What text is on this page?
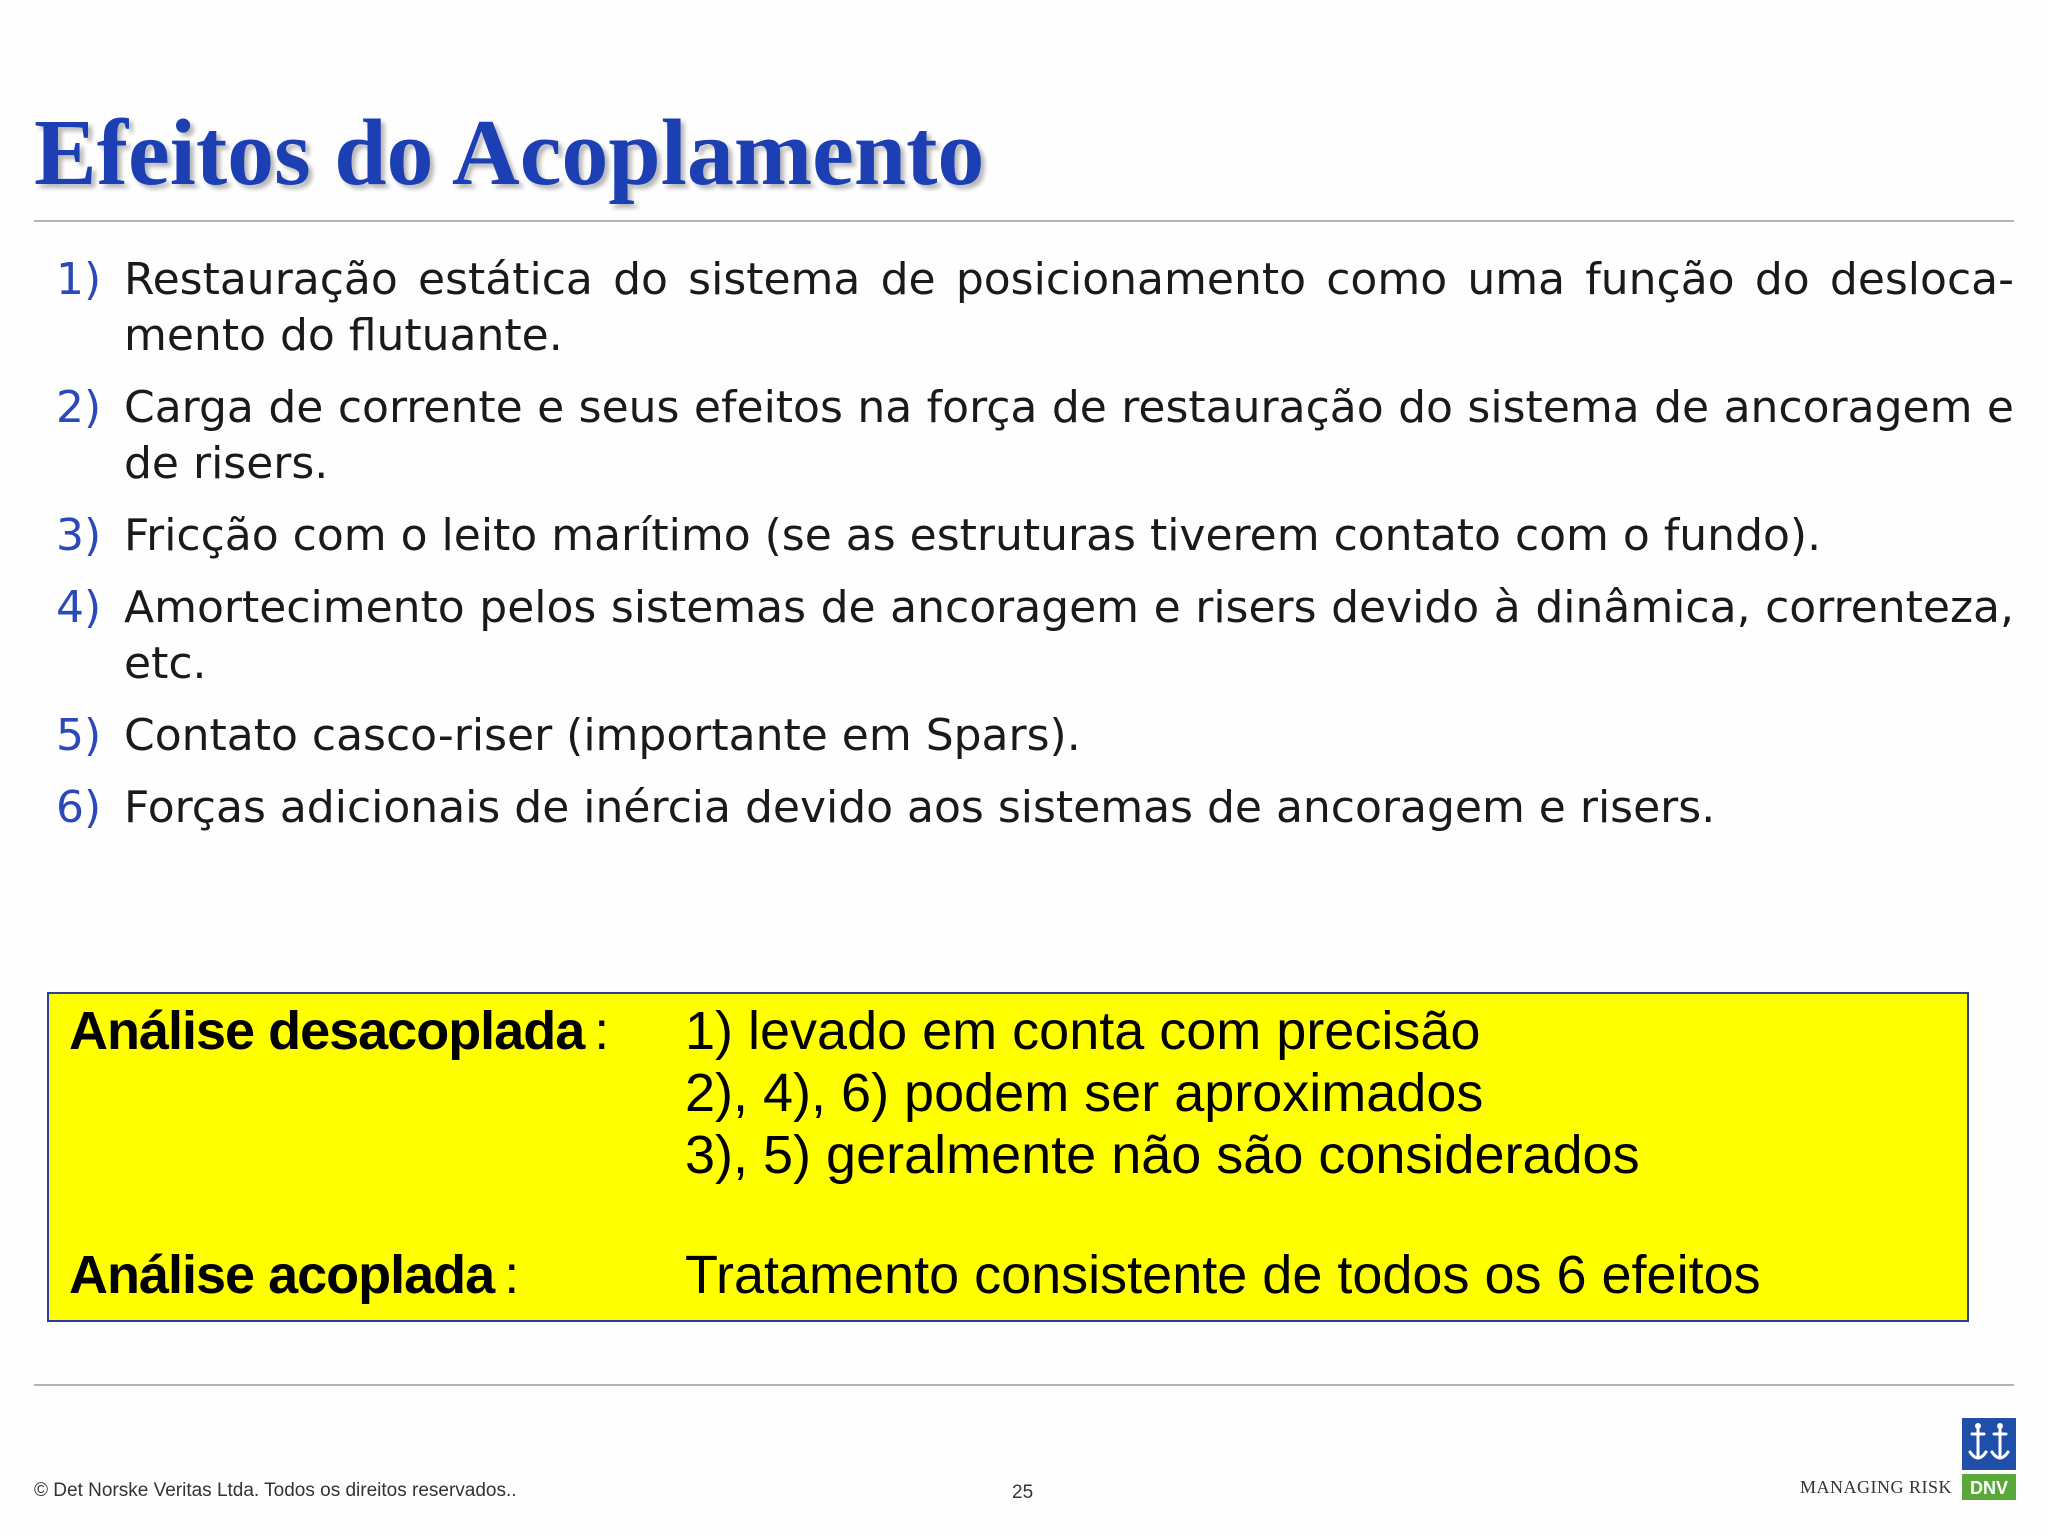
Efeitos do Acoplamento
1) Restauração estática do sistema de posicionamento como uma função do deslocamento do flutuante.
2) Carga de corrente e seus efeitos na força de restauração do sistema de ancoragem e de risers.
3) Fricção com o leito marítimo (se as estruturas tiverem contato com o fundo).
4) Amortecimento pelos sistemas de ancoragem e risers devido à dinâmica, correnteza, etc.
5) Contato casco-riser (importante em Spars).
6) Forças adicionais de inércia devido aos sistemas de ancoragem e risers.
Análise desacoplada : 1) levado em conta com precisão
2), 4), 6) podem ser aproximados
3), 5) geralmente não são considerados
Análise acoplada :	Tratamento consistente de todos os 6 efeitos
© Det Norske Veritas Ltda. Todos os direitos reservados..	25	MANAGING RISK DNV
